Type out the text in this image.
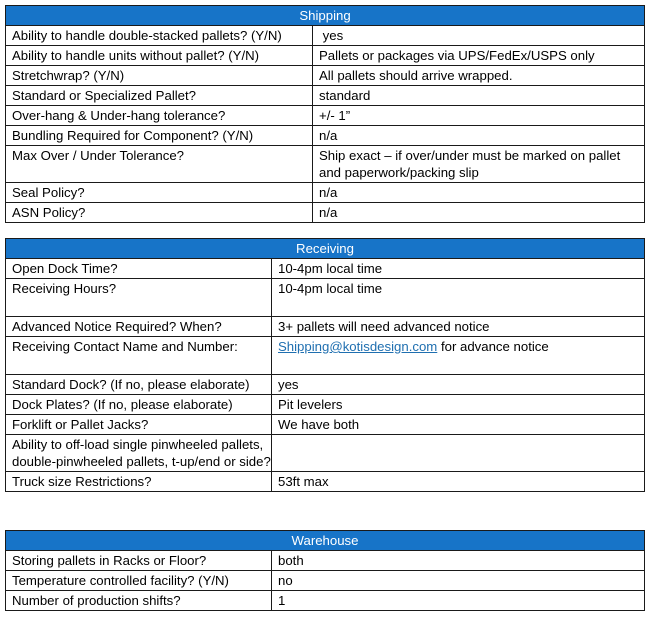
Shipping	
Ability to handle double-stacked pallets? (Y/N)	yes
Ability to handle units without pallet? (Y/N)	Pallets or packages via UPS/FedEx/USPS only
Stretchwrap? (Y/N)	All pallets should arrive wrapped.
Standard or Specialized Pallet?	standard
Over-hang & Under-hang tolerance?	+/- 1”
Bundling Required for Component? (Y/N)	n/a
Max Over / Under Tolerance?	Ship exact – if over/under must be marked on pallet and paperwork/packing slip
Seal Policy?	n/a
ASN Policy?	n/a
Receiving	
Open Dock Time?	10-4pm local time
Receiving Hours?	10-4pm local time
Advanced Notice Required? When?	3+ pallets will need advanced notice
Receiving Contact Name and Number:	Shipping@kotisdesign.com for advance notice
Standard Dock? (If no, please elaborate)	yes
Dock Plates? (If no, please elaborate)	Pit levelers
Forklift or Pallet Jacks?	We have both
Ability to off-load single pinwheeled pallets, double-pinwheeled pallets, t-up/end or side?	
Truck size Restrictions?	53ft max
Warehouse	
Storing pallets in Racks or Floor?	both
Temperature controlled facility? (Y/N)	no
Number of production shifts?	1
